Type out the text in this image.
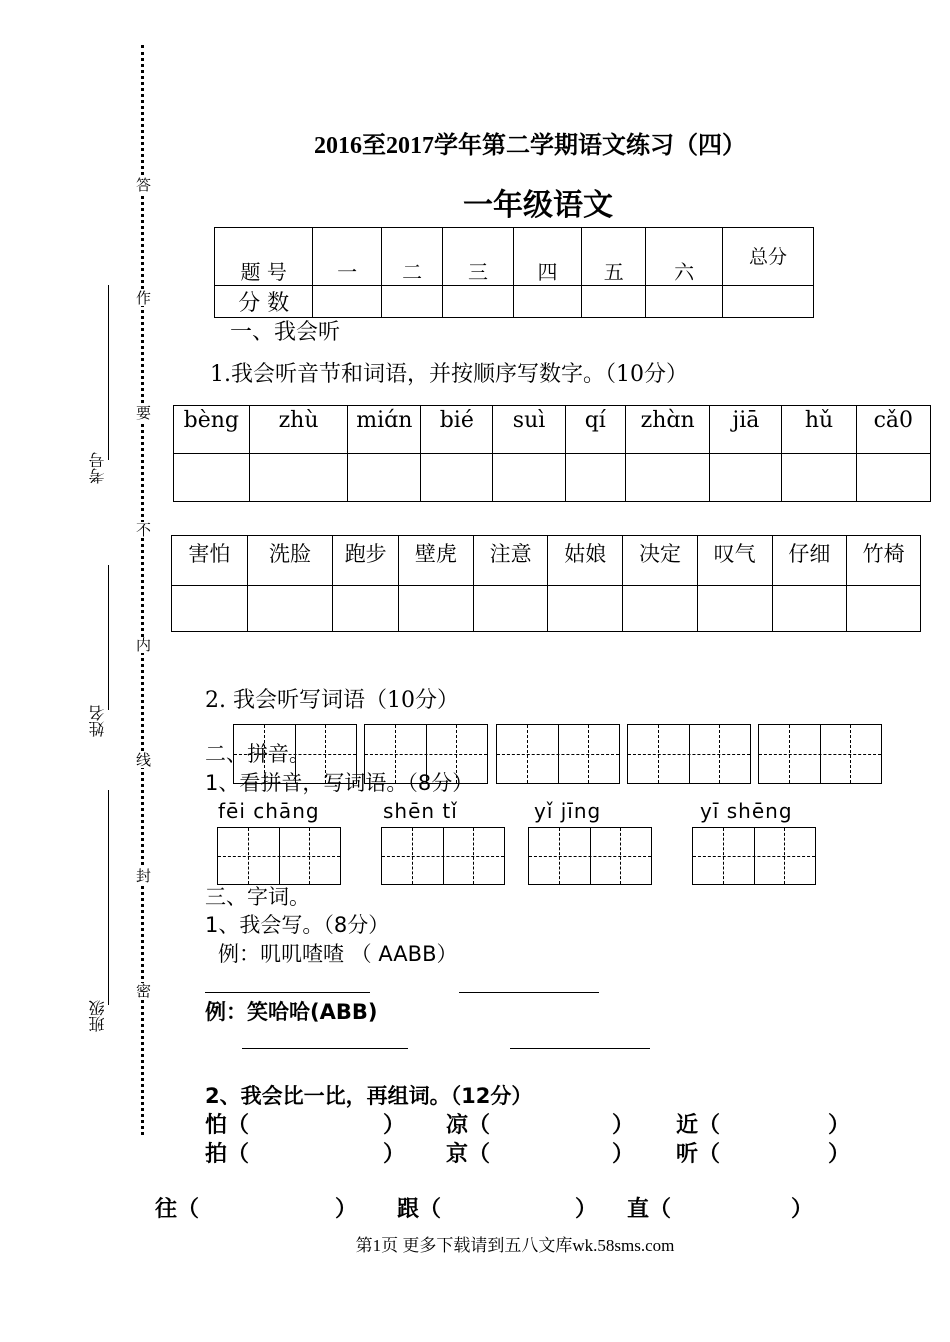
答
作
要
不
内
线
封
密
考号
姓名
班级
2016至2017学年第二学期语文练习（四）
一年级语文
题 号	一	二	三	四	五	六	总分
分 数							
一、我会听
1.我会听音节和词语，并按顺序写数字。（10分）
bèng	zhù	miɑ́n	bié	suì	qí	zhɑ̀n	jiā	hǔ	cǎ0

害怕	洗脸	跑步	壁虎	注意	姑娘	决定	叹气	仔细	竹椅

2. 我会听写词语（10分）
二、拼音。
1、看拼音，写词语。（8分）
fēi chāng	shēn tǐ	yǐ jīng	yī shēng
三、字词。
1、我会写。（8分）
例：叽叽喳喳 （ AABB）
例：笑哈哈(ABB)
2、我会比一比，再组词。（12分）
怕（	） 凉（	） 近（	）
拍（	） 京（	） 听（	）
往（	） 跟（	） 直（	）
第1页 更多下载请到五八文库wk.58sms.com
